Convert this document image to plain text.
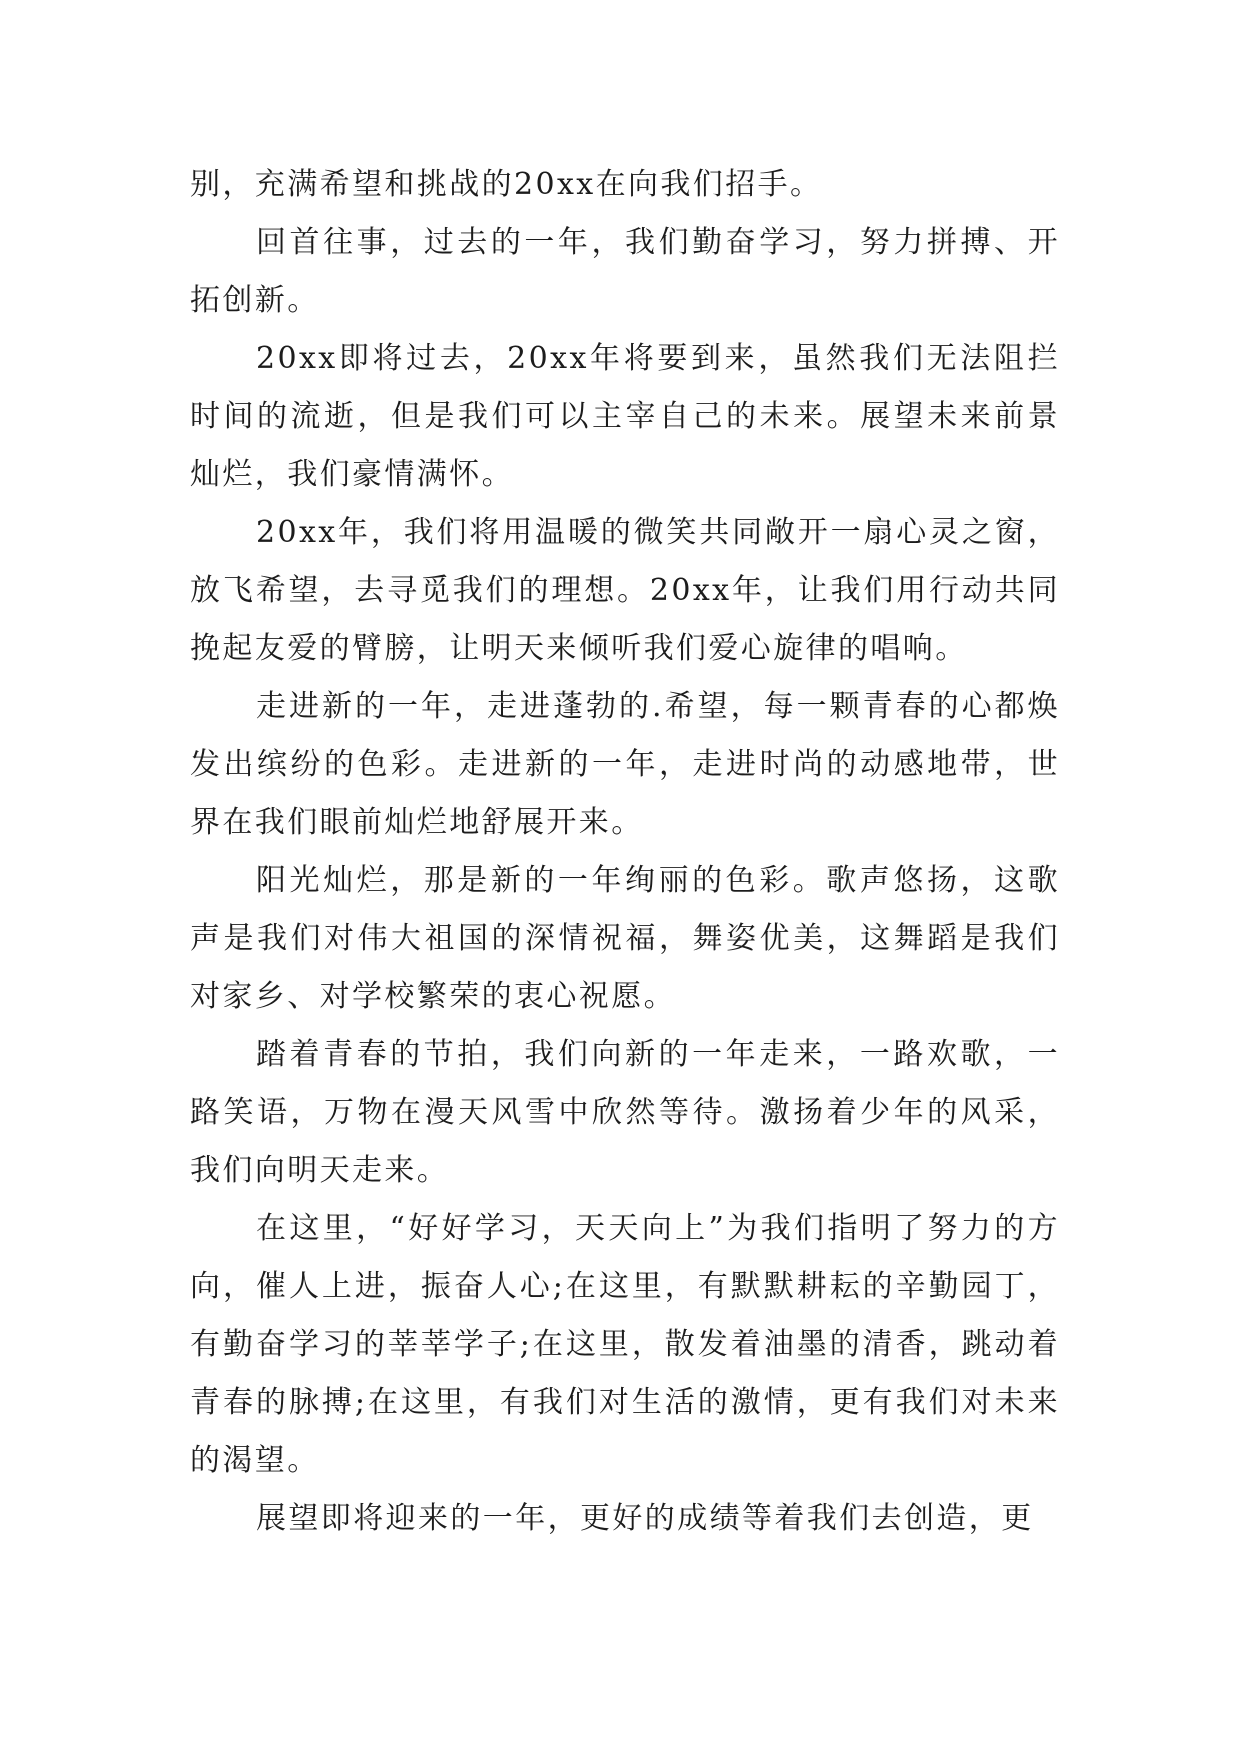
别，充满希望和挑战的20xx在向我们招手。

回首往事，过去的一年，我们勤奋学习，努力拼搏、开拓创新。

20xx即将过去，20xx年将要到来，虽然我们无法阻拦时间的流逝，但是我们可以主宰自己的未来。展望未来前景灿烂，我们豪情满怀。

20xx年，我们将用温暖的微笑共同敞开一扇心灵之窗，放飞希望，去寻觅我们的理想。20xx年，让我们用行动共同挽起友爱的臂膀，让明天来倾听我们爱心旋律的唱响。

走进新的一年，走进蓬勃的.希望，每一颗青春的心都焕发出缤纷的色彩。走进新的一年，走进时尚的动感地带，世界在我们眼前灿烂地舒展开来。

阳光灿烂，那是新的一年绚丽的色彩。歌声悠扬，这歌声是我们对伟大祖国的深情祝福，舞姿优美，这舞蹈是我们对家乡、对学校繁荣的衷心祝愿。

踏着青春的节拍，我们向新的一年走来，一路欢歌，一路笑语，万物在漫天风雪中欣然等待。激扬着少年的风采，我们向明天走来。

在这里，“好好学习，天天向上”为我们指明了努力的方向，催人上进，振奋人心;在这里，有默默耕耘的辛勤园丁，有勤奋学习的莘莘学子;在这里，散发着油墨的清香，跳动着青春的脉搏;在这里，有我们对生活的激情，更有我们对未来的渴望。

展望即将迎来的一年，更好的成绩等着我们去创造，更
